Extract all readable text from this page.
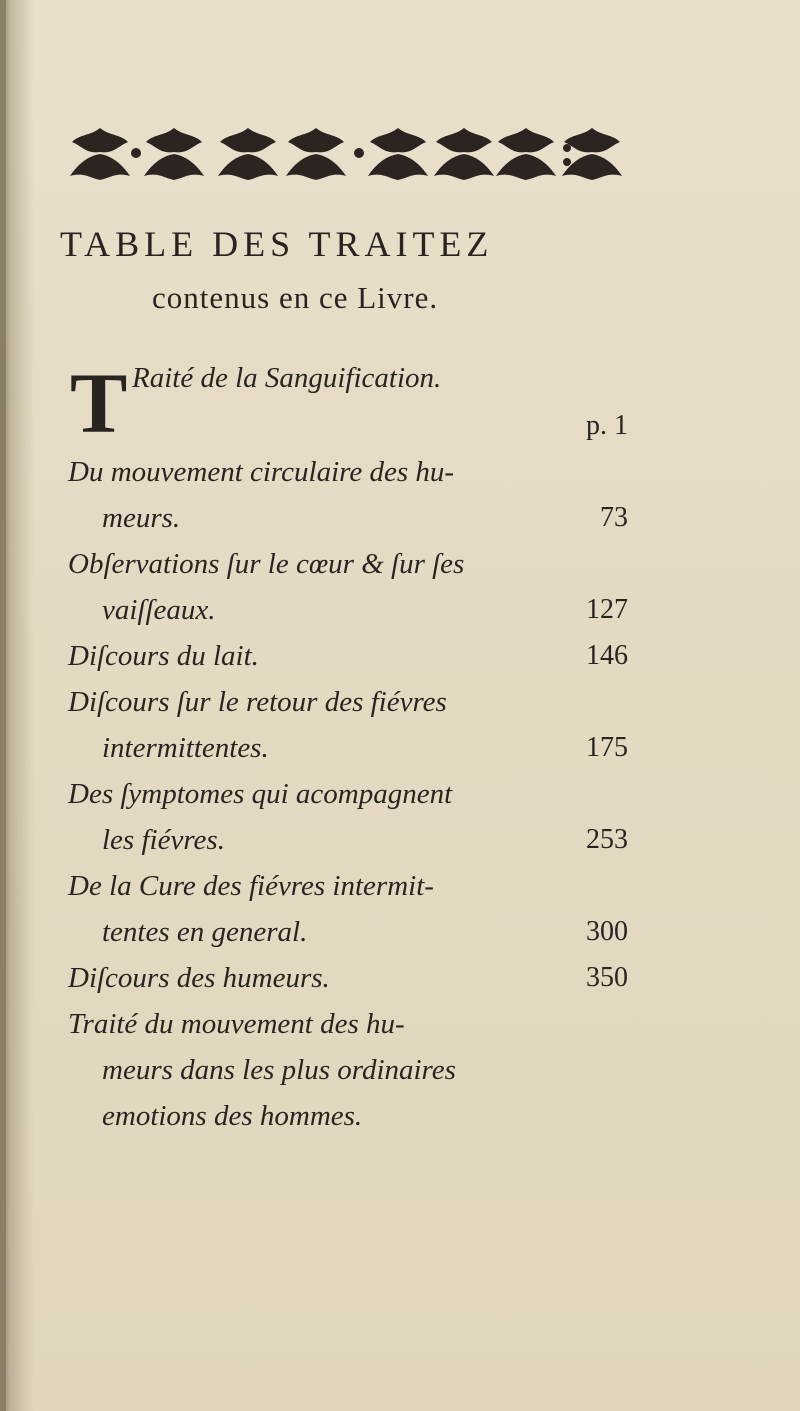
TABLE DES TRAITEZ
contenus en ce Livre.
T Raité de la Sanguification.
p. 1
Du mouvement circulaire des hu-
meurs.	73
Obſervations ſur le cœur & ſur ſes
vaiſſeaux.	127
Diſcours du lait.	146
Diſcours ſur le retour des fiévres
intermittentes.	175
Des ſymptomes qui acompagnent
les fiévres.	253
De la Cure des fiévres intermit-
tentes en general.	300
Diſcours des humeurs.	350
Traité du mouvement des hu-
meurs dans les plus ordinaires
emotions des hommes.
